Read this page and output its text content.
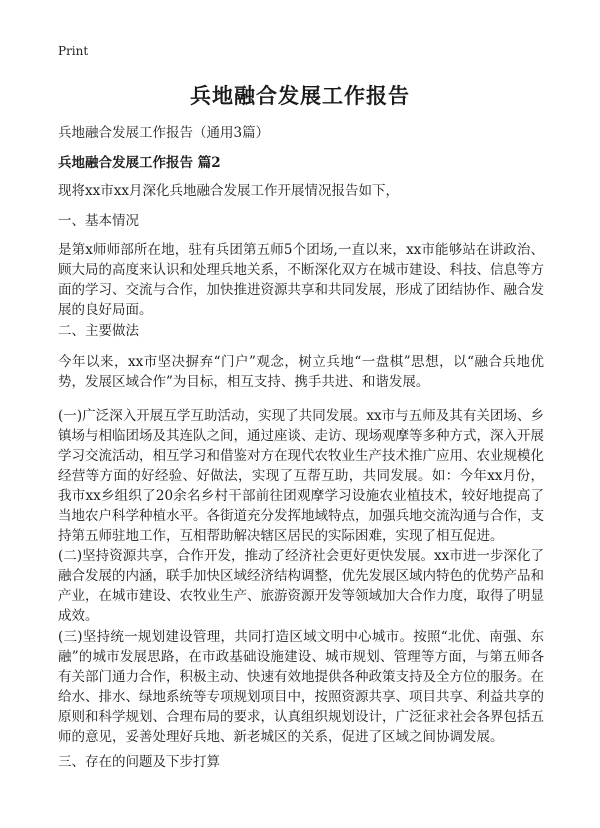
Print
兵地融合发展工作报告
兵地融合发展工作报告（通用3篇）
兵地融合发展工作报告 篇2
现将xx市xx月深化兵地融合发展工作开展情况报告如下，
一、基本情况
是第x师师部所在地，驻有兵团第五师5个团场,一直以来，xx市能够站在讲政治、顾大局的高度来认识和处理兵地关系，不断深化双方在城市建设、科技、信息等方面的学习、交流与合作，加快推进资源共享和共同发展，形成了团结协作、融合发展的良好局面。
二、主要做法
今年以来，xx市坚决摒弃“门户”观念，树立兵地“一盘棋”思想，以“融合兵地优势，发展区域合作”为目标，相互支持、携手共进、和谐发展。
(一)广泛深入开展互学互助活动，实现了共同发展。xx市与五师及其有关团场、乡镇场与相临团场及其连队之间，通过座谈、走访、现场观摩等多种方式，深入开展学习交流活动，相互学习和借鉴对方在现代农牧业生产技术推广应用、农业规模化经营等方面的好经验、好做法，实现了互帮互助，共同发展。如：今年xx月份，我市xx乡组织了20余名乡村干部前往团观摩学习设施农业植技术，较好地提高了当地农户科学种植水平。各街道充分发挥地域特点，加强兵地交流沟通与合作，支持第五师驻地工作，互相帮助解决辖区居民的实际困难，实现了相互促进。
(二)坚持资源共享，合作开发，推动了经济社会更好更快发展。xx市进一步深化了融合发展的内涵，联手加快区域经济结构调整，优先发展区域内特色的优势产品和产业，在城市建设、农牧业生产、旅游资源开发等领域加大合作力度，取得了明显成效。
(三)坚持统一规划建设管理，共同打造区域文明中心城市。按照“北优、南强、东融”的城市发展思路，在市政基础设施建设、城市规划、管理等方面，与第五师各有关部门通力合作，积极主动、快速有效地提供各种政策支持及全方位的服务。在给水、排水、绿地系统等专项规划项目中，按照资源共享、项目共享、利益共享的原则和科学规划、合理布局的要求，认真组织规划设计，广泛征求社会各界包括五师的意见，妥善处理好兵地、新老城区的关系，促进了区域之间协调发展。
三、存在的问题及下步打算
